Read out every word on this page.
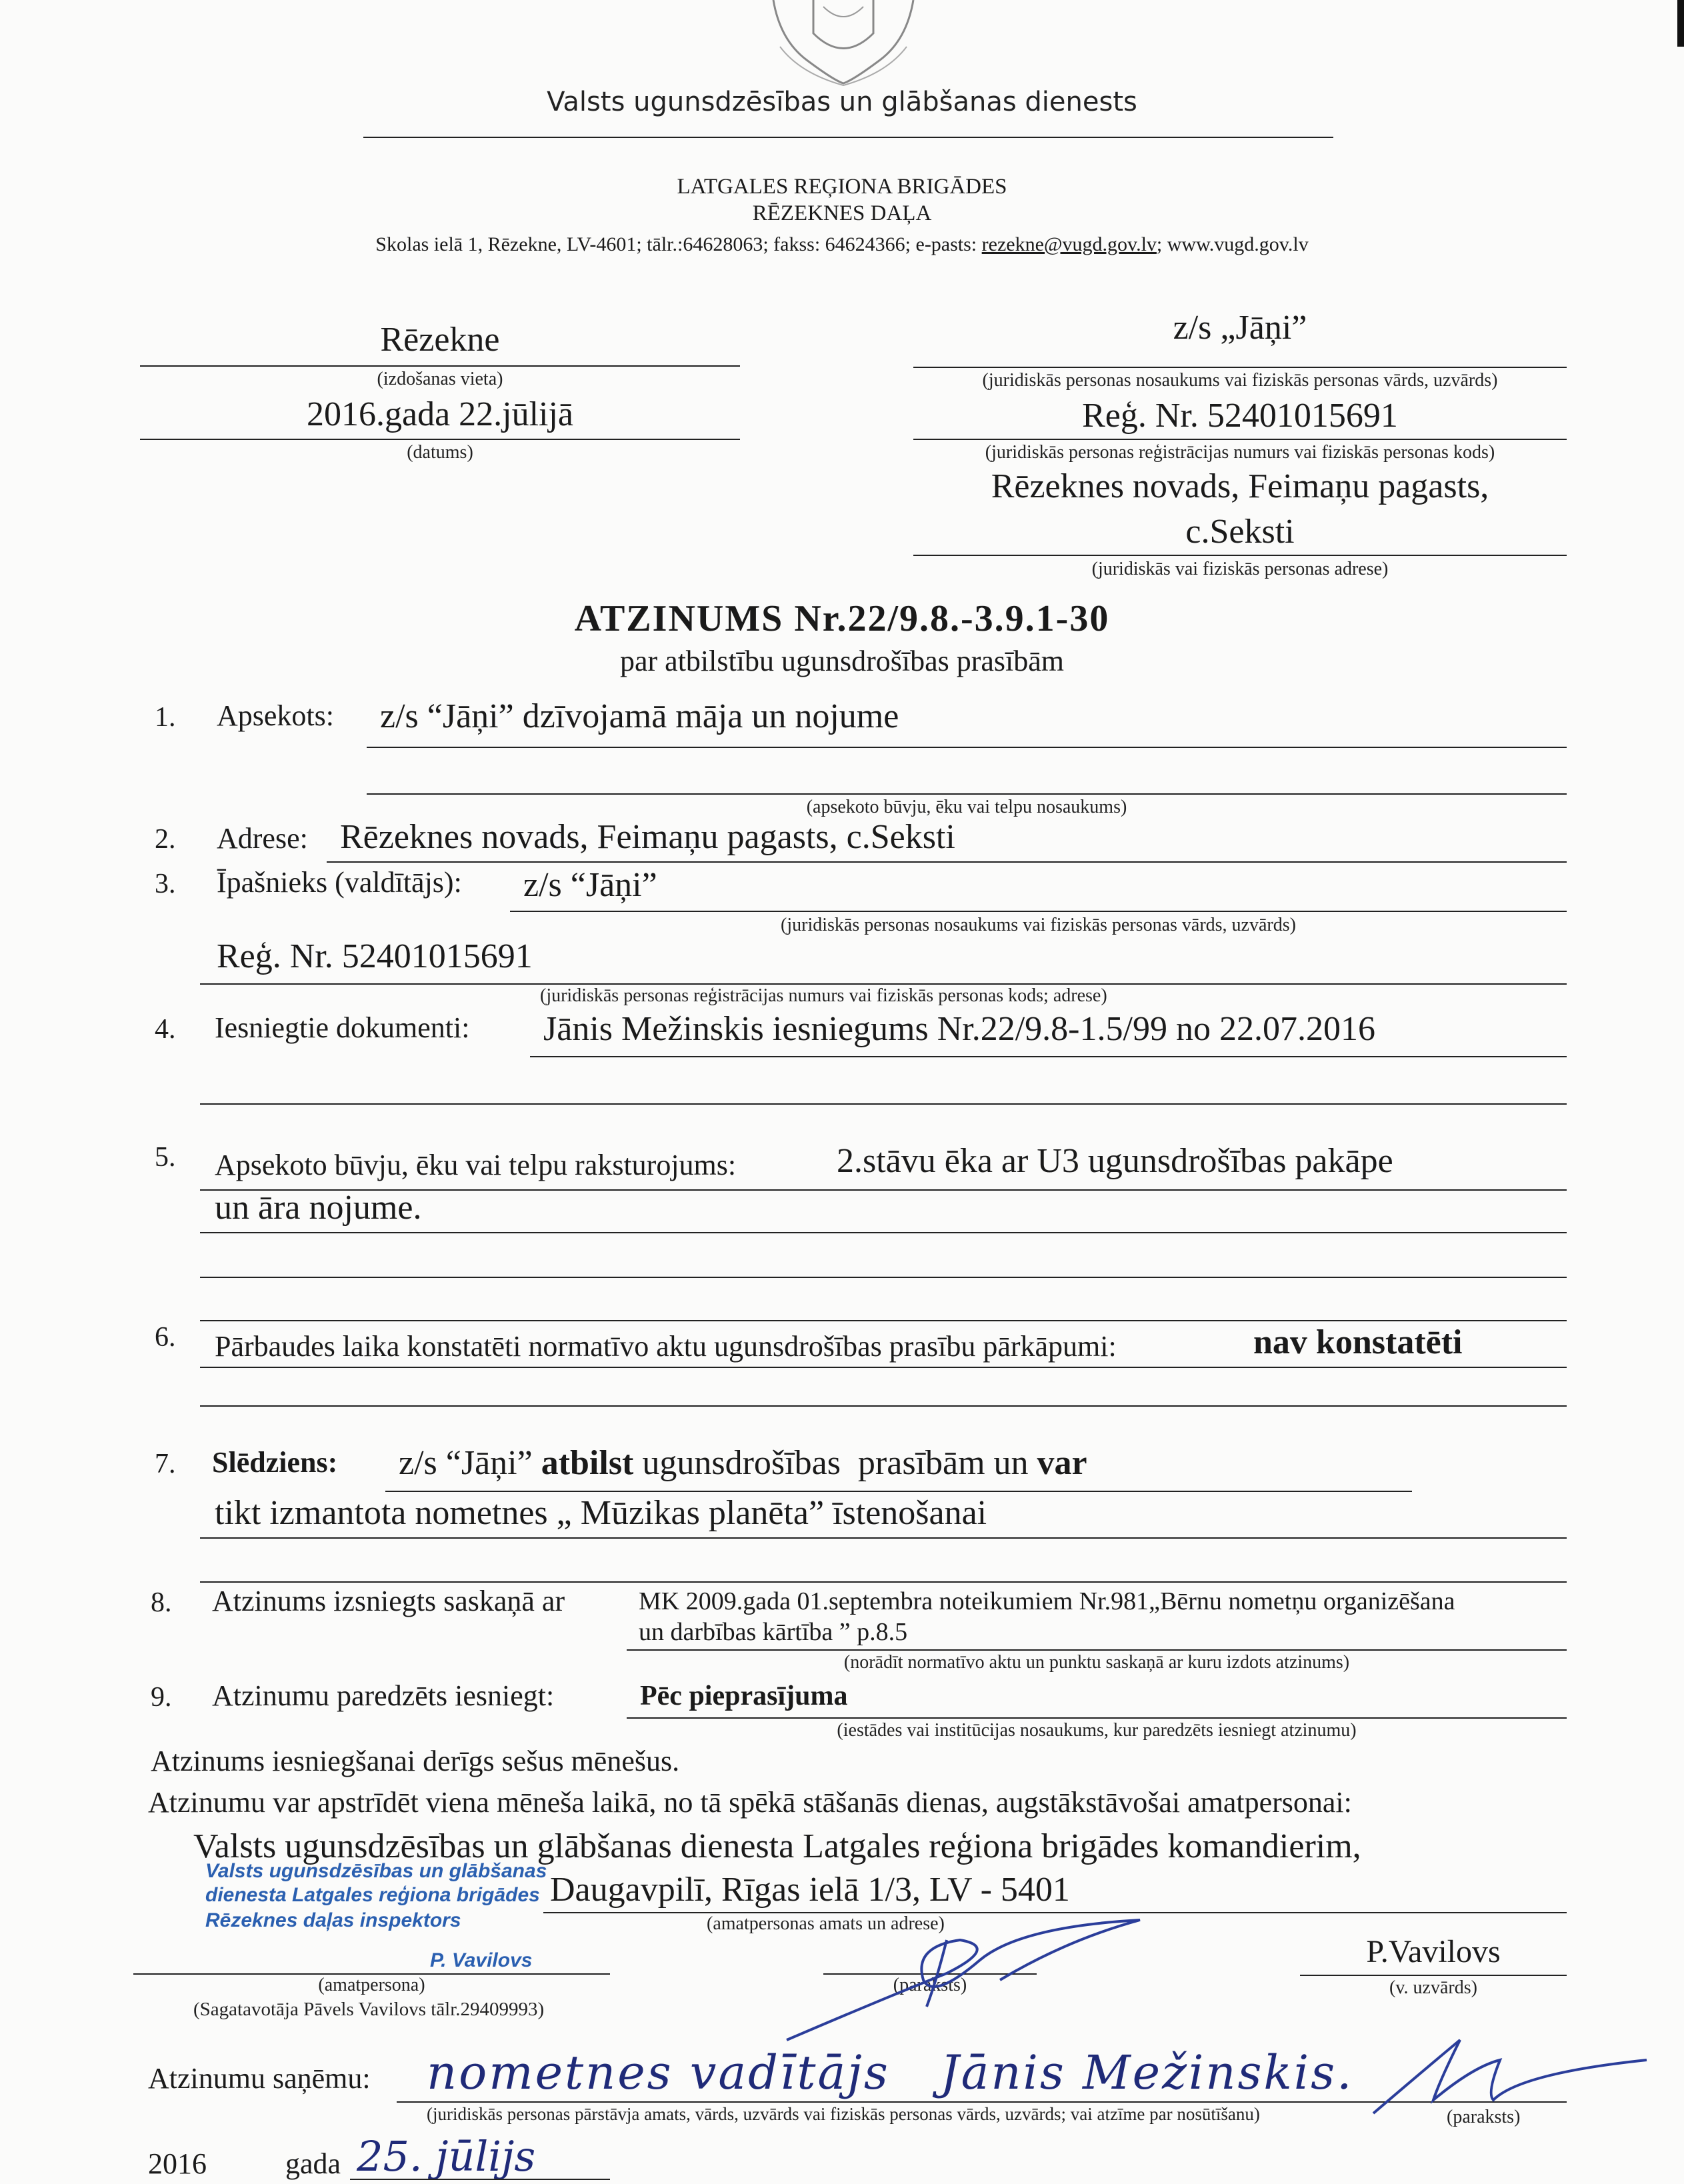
Valsts ugunsdzēsības un glābšanas dienests
LATGALES REĢIONA BRIGĀDES
RĒZEKNES DAĻA
Skolas ielā 1, Rēzekne, LV-4601; tālr.:64628063; fakss: 64624366; e-pasts: rezekne@vugd.gov.lv; www.vugd.gov.lv
Rēzekne
(izdošanas vieta)
2016.gada 22.jūlijā
(datums)
z/s „Jāņi”
(juridiskās personas nosaukums vai fiziskās personas vārds, uzvārds)
Reģ. Nr. 52401015691
(juridiskās personas reģistrācijas numurs vai fiziskās personas kods)
Rēzeknes novads, Feimaņu pagasts,
c.Seksti
(juridiskās vai fiziskās personas adrese)
ATZINUMS Nr.22/9.8.-3.9.1-30
par atbilstību ugunsdrošības prasībām
1. Apsekots: z/s “Jāņi” dzīvojamā māja un nojume
(apsekoto būvju, ēku vai telpu nosaukums)
2. Adrese: Rēzeknes novads, Feimaņu pagasts, c.Seksti
3. Īpašnieks (valdītājs): z/s “Jāņi”
(juridiskās personas nosaukums vai fiziskās personas vārds, uzvārds)
Reģ. Nr. 52401015691
(juridiskās personas reģistrācijas numurs vai fiziskās personas kods; adrese)
4. Iesniegtie dokumenti: Jānis Mežinskis iesniegums Nr.22/9.8-1.5/99 no 22.07.2016
5. Apsekoto būvju, ēku vai telpu raksturojums:	2.stāvu ēka ar U3 ugunsdrošības pakāpe
un āra nojume.
6. Pārbaudes laika konstatēti normatīvo aktu ugunsdrošības prasību pārkāpumi:	nav konstatēti
7. Slēdziens: z/s “Jāņi” atbilst ugunsdrošības  prasībām un var
tikt izmantota nometnes „ Mūzikas planēta” īstenošanai
8. Atzinums izsniegts saskaņā ar	MK 2009.gada 01.septembra noteikumiem Nr.981„Bērnu nometņu organizēšana
un darbības kārtība ” p.8.5
(norādīt normatīvo aktu un punktu saskaņā ar kuru izdots atzinums)
9. Atzinumu paredzēts iesniegt:	Pēc pieprasījuma
(iestādes vai institūcijas nosaukums, kur paredzēts iesniegt atzinumu)
Atzinums iesniegšanai derīgs sešus mēnešus.
Atzinumu var apstrīdēt viena mēneša laikā, no tā spēkā stāšanās dienas, augstākstāvošai amatpersonai:
Valsts ugunsdzēsības un glābšanas dienesta Latgales reģiona brigādes komandierim,
Daugavpilī, Rīgas ielā 1/3, LV - 5401
(amatpersonas amats un adrese)
Valsts ugunsdzēsības un glābšanas
dienesta Latgales reģiona brigādes
Rēzeknes daļas inspektors
P. Vavilovs
(amatpersona)
(Sagatavotāja Pāvels Vavilovs tālr.29409993)
(paraksts)
P.Vavilovs
(v. uzvārds)
Atzinumu saņēmu: nometnes vadītājs   Jānis Mežinskis.
(juridiskās personas pārstāvja amats, vārds, uzvārds vai fiziskās personas vārds, uzvārds; vai atzīme par nosūtīšanu)	(paraksts)
2016	gada 25. jūlijs
